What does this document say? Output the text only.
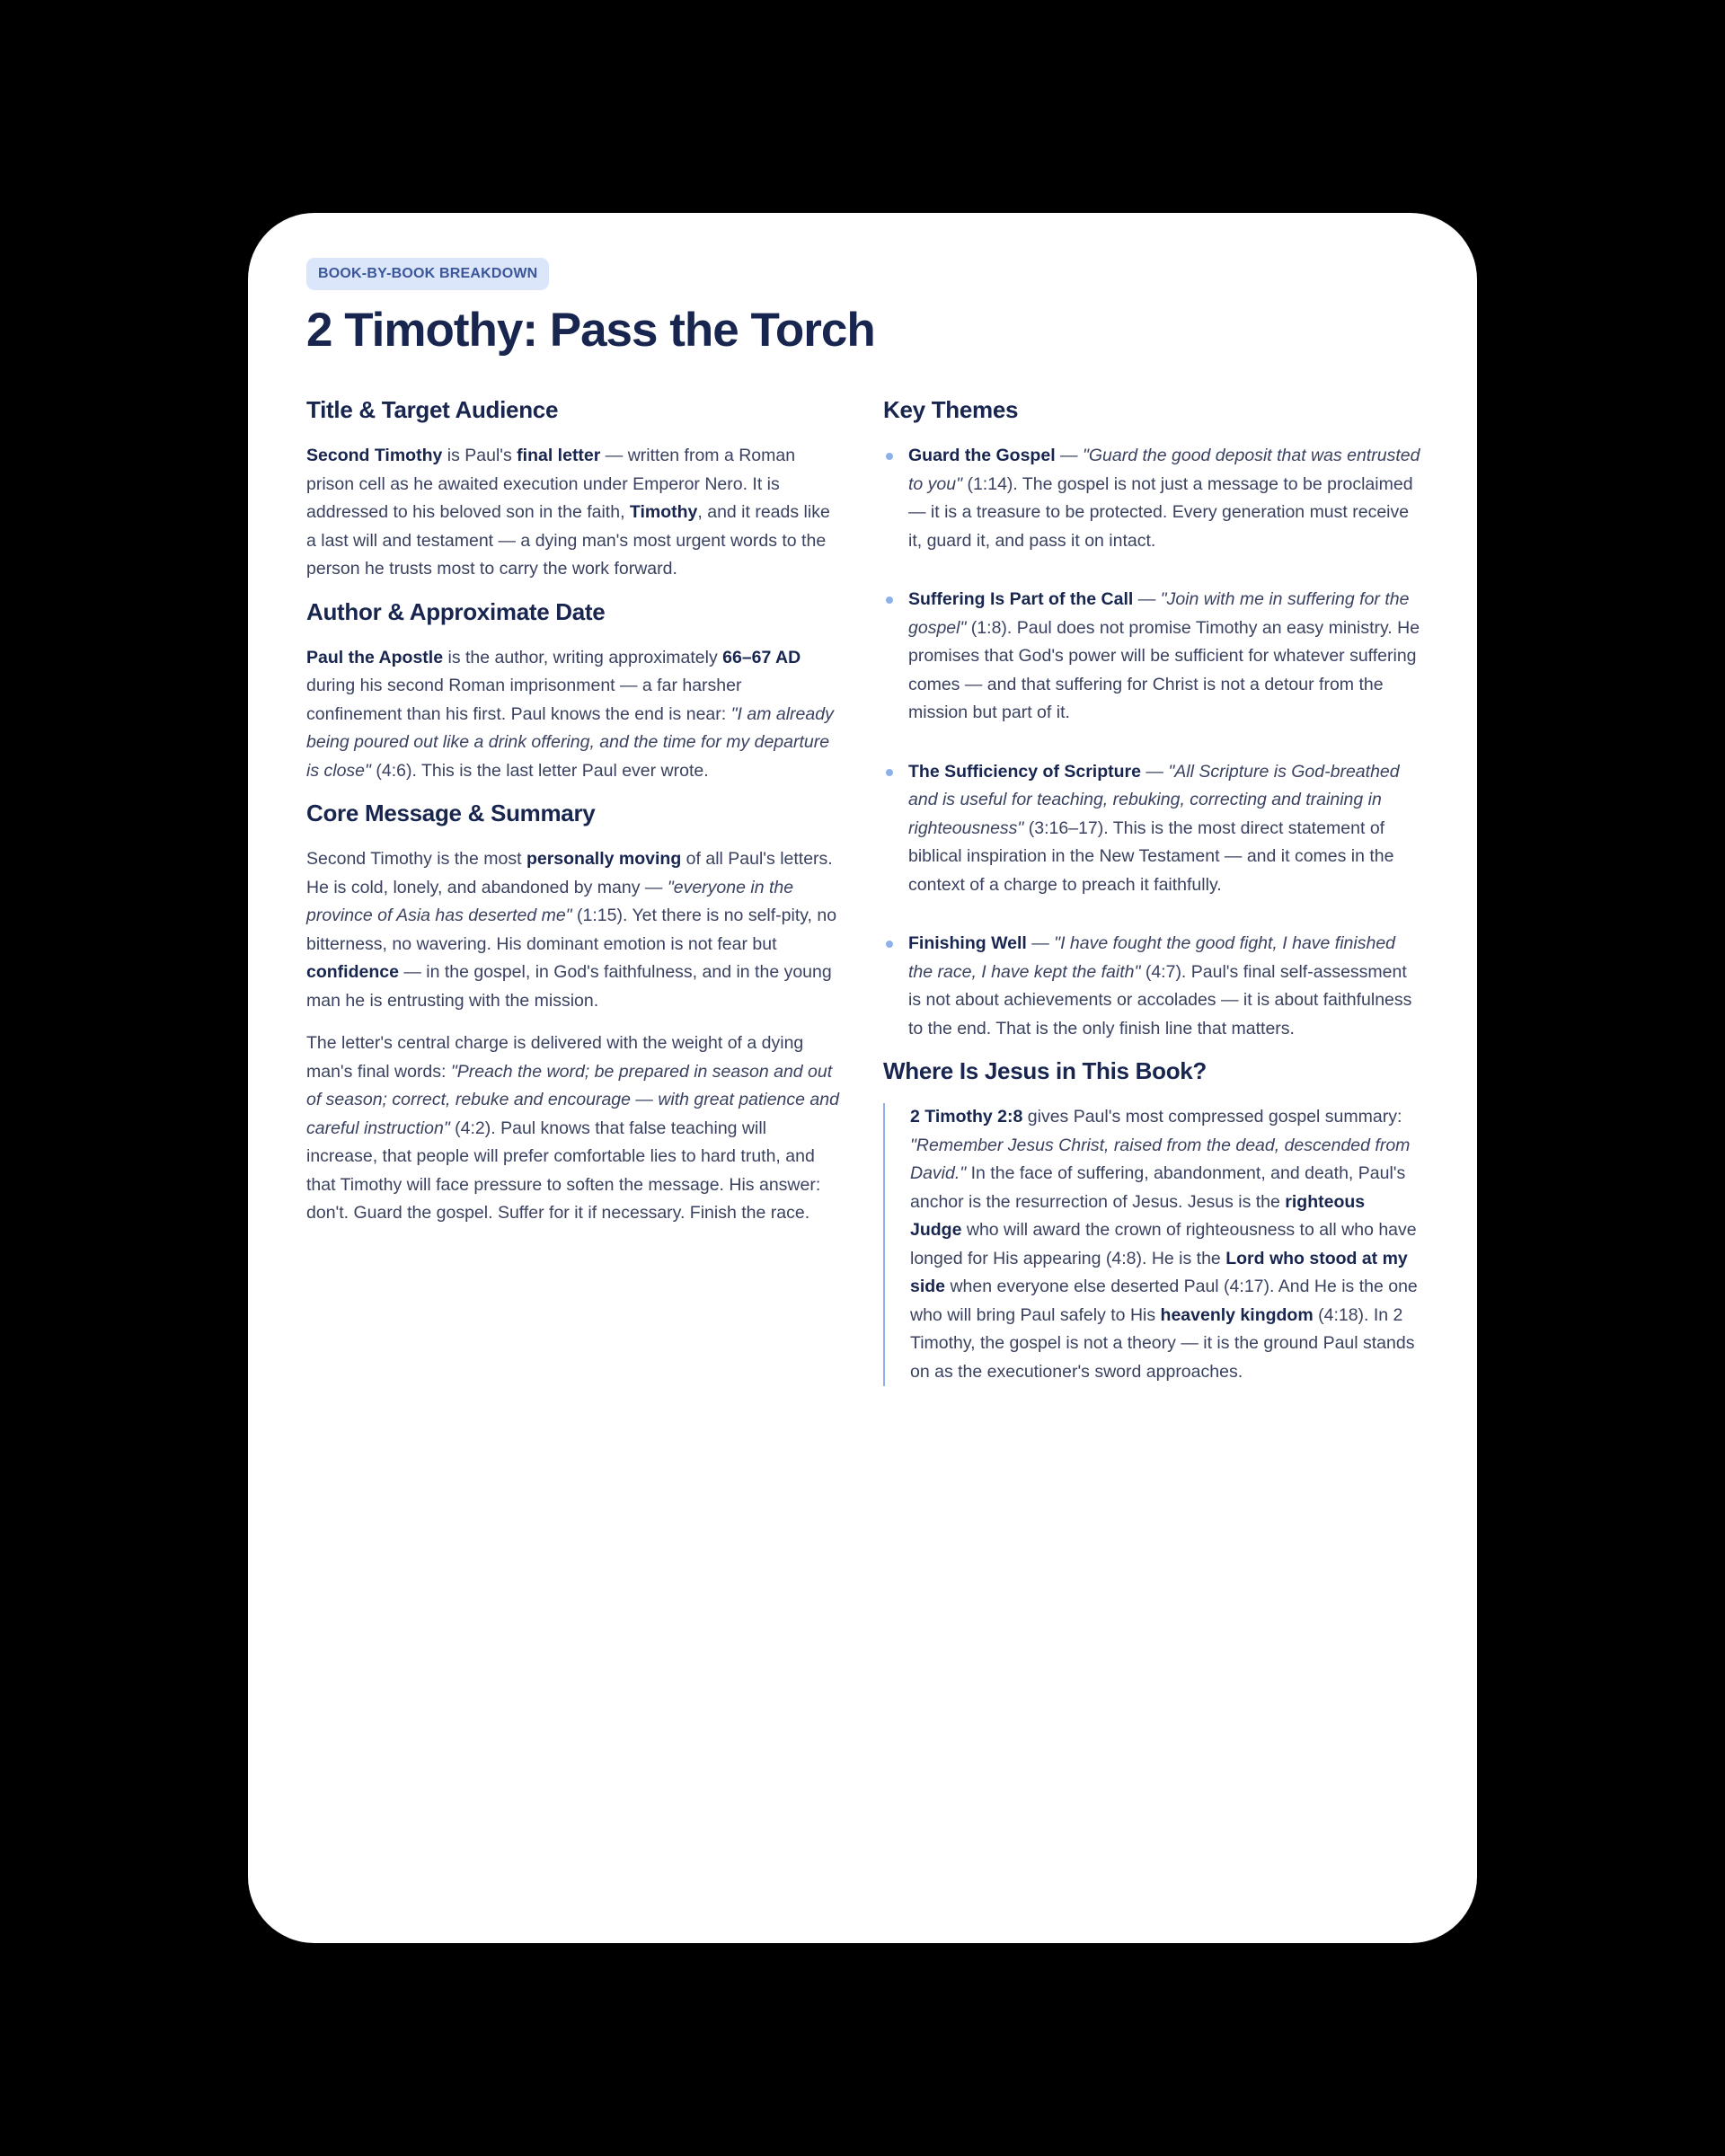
BOOK-BY-BOOK BREAKDOWN
2 Timothy: Pass the Torch
Title & Target Audience

Second Timothy is Paul's final letter — written from a Roman prison cell as he awaited execution under Emperor Nero. It is addressed to his beloved son in the faith, Timothy, and it reads like a last will and testament — a dying man's most urgent words to the person he trusts most to carry the work forward.

Author & Approximate Date

Paul the Apostle is the author, writing approximately 66–67 AD during his second Roman imprisonment — a far harsher confinement than his first. Paul knows the end is near: "I am already being poured out like a drink offering, and the time for my departure is close" (4:6). This is the last letter Paul ever wrote.

Core Message & Summary

Second Timothy is the most personally moving of all Paul's letters. He is cold, lonely, and abandoned by many — "everyone in the province of Asia has deserted me" (1:15). Yet there is no self-pity, no bitterness, no wavering. His dominant emotion is not fear but confidence — in the gospel, in God's faithfulness, and in the young man he is entrusting with the mission.

The letter's central charge is delivered with the weight of a dying man's final words: "Preach the word; be prepared in season and out of season; correct, rebuke and encourage — with great patience and careful instruction" (4:2). Paul knows that false teaching will increase, that people will prefer comfortable lies to hard truth, and that Timothy will face pressure to soften the message. His answer: don't. Guard the gospel. Suffer for it if necessary. Finish the race.

Key Themes

Guard the Gospel — "Guard the good deposit that was entrusted to you" (1:14). The gospel is not just a message to be proclaimed — it is a treasure to be protected. Every generation must receive it, guard it, and pass it on intact.

Suffering Is Part of the Call — "Join with me in suffering for the gospel" (1:8). Paul does not promise Timothy an easy ministry. He promises that God's power will be sufficient for whatever suffering comes — and that suffering for Christ is not a detour from the mission but part of it.

The Sufficiency of Scripture — "All Scripture is God-breathed and is useful for teaching, rebuking, correcting and training in righteousness" (3:16–17). This is the most direct statement of biblical inspiration in the New Testament — and it comes in the context of a charge to preach it faithfully.

Finishing Well — "I have fought the good fight, I have finished the race, I have kept the faith" (4:7). Paul's final self-assessment is not about achievements or accolades — it is about faithfulness to the end. That is the only finish line that matters.

Where Is Jesus in This Book?

2 Timothy 2:8 gives Paul's most compressed gospel summary: "Remember Jesus Christ, raised from the dead, descended from David." In the face of suffering, abandonment, and death, Paul's anchor is the resurrection of Jesus. Jesus is the righteous Judge who will award the crown of righteousness to all who have longed for His appearing (4:8). He is the Lord who stood at my side when everyone else deserted Paul (4:17). And He is the one who will bring Paul safely to His heavenly kingdom (4:18). In 2 Timothy, the gospel is not a theory — it is the ground Paul stands on as the executioner's sword approaches.
